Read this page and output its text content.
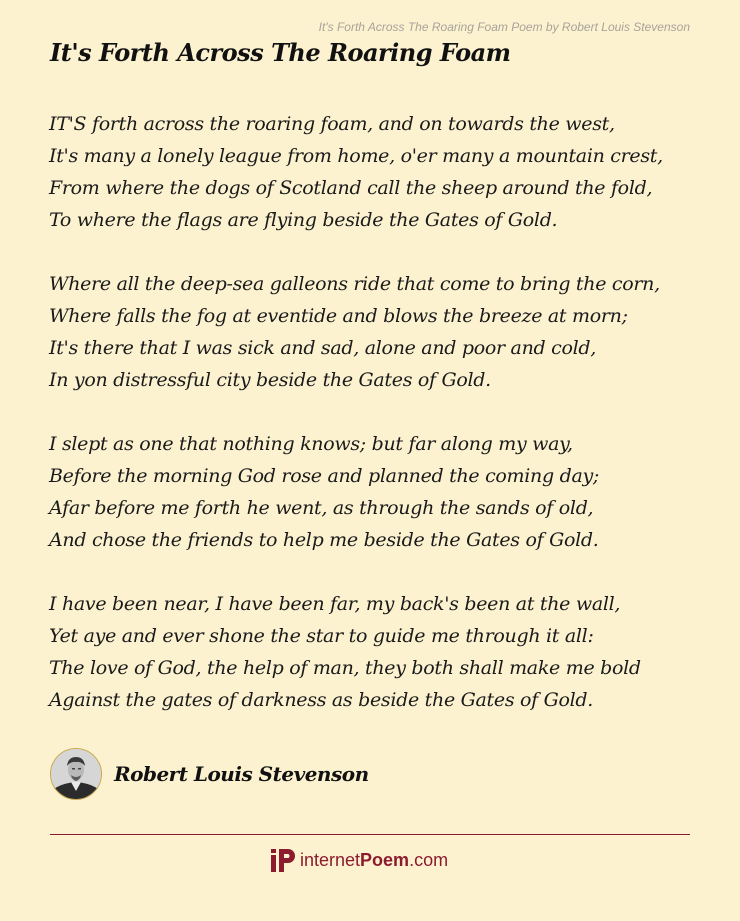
It's Forth Across The Roaring Foam Poem by Robert Louis Stevenson
It's Forth Across The Roaring Foam
IT'S forth across the roaring foam, and on towards the west,
It's many a lonely league from home, o'er many a mountain crest,
From where the dogs of Scotland call the sheep around the fold,
To where the flags are flying beside the Gates of Gold.
Where all the deep-sea galleons ride that come to bring the corn,
Where falls the fog at eventide and blows the breeze at morn;
It's there that I was sick and sad, alone and poor and cold,
In yon distressful city beside the Gates of Gold.
I slept as one that nothing knows; but far along my way,
Before the morning God rose and planned the coming day;
Afar before me forth he went, as through the sands of old,
And chose the friends to help me beside the Gates of Gold.
I have been near, I have been far, my back's been at the wall,
Yet aye and ever shone the star to guide me through it all:
The love of God, the help of man, they both shall make me bold
Against the gates of darkness as beside the Gates of Gold.
Robert Louis Stevenson
internet Poem .com
